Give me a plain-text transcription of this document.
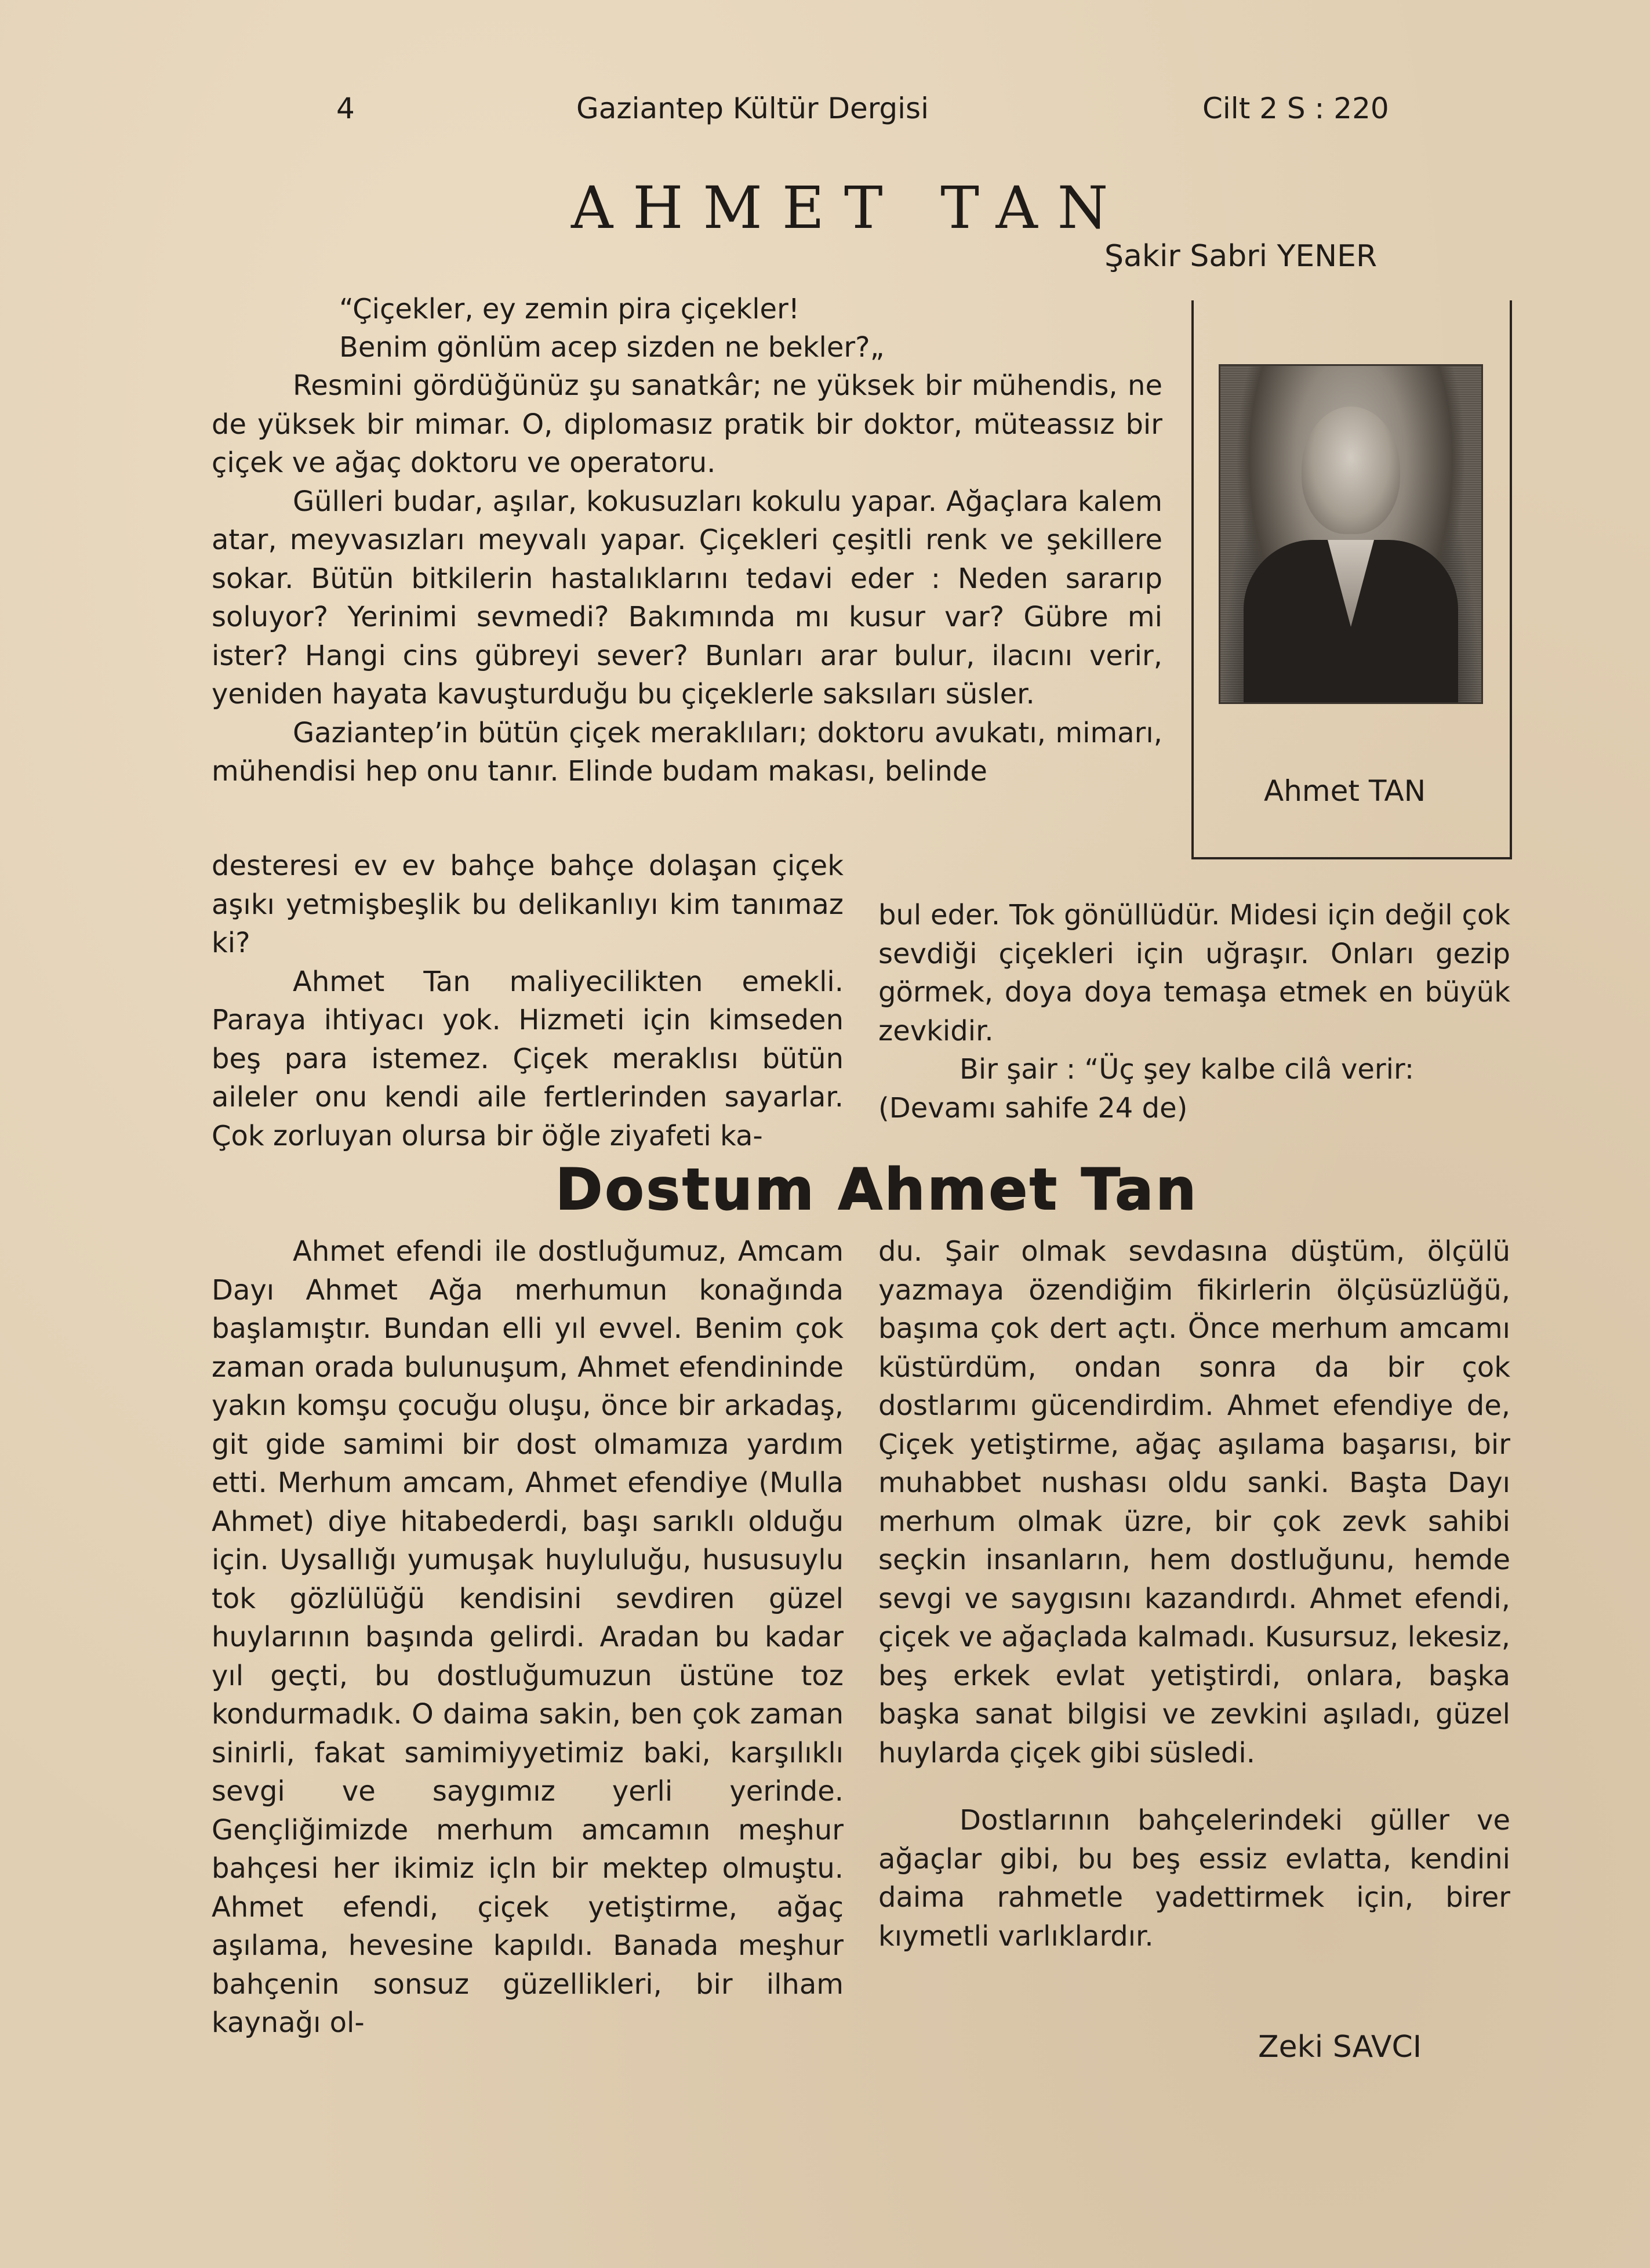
4	Gaziantep Kültür Dergisi	Cilt 2 S : 220
AHMET TAN
Şakir Sabri YENER

“Çiçekler, ey zemin pira çiçekler!

Benim gönlüm acep sizden ne bekler?„

Resmini gördüğünüz şu sanatkâr; ne yüksek bir mühendis, ne de yüksek bir mimar. O, diplomasız pratik bir doktor, müteassız bir çiçek ve ağaç doktoru ve operatoru.

Gülleri budar, aşılar, kokusuzları kokulu yapar. Ağaçlara kalem atar, meyvasızları meyvalı yapar. Çiçekleri çeşitli renk ve şekillere sokar. Bütün bitkilerin hastalıklarını tedavi eder : Neden sararıp soluyor? Yerinimi sevmedi? Bakımında mı kusur var? Gübre mi ister? Hangi cins gübreyi sever? Bunları arar bulur, ilacını verir, yeniden hayata kavuşturduğu bu çiçeklerle saksıları süsler.

Gaziantep’in bütün çiçek meraklıları; doktoru avukatı, mimarı, mühendisi hep onu tanır. Elinde budam makası, belinde

desteresi ev ev bahçe bahçe dolaşan çiçek aşıkı yetmişbeşlik bu delikanlıyı kim tanımaz ki?

Ahmet Tan maliyecilikten emekli. Paraya ihtiyacı yok. Hizmeti için kimseden beş para istemez. Çiçek meraklısı bütün aileler onu kendi aile fertlerinden sayarlar. Çok zorluyan olursa bir öğle ziyafeti ka-

bul eder. Tok gönüllüdür. Midesi için değil çok sevdiği çiçekleri için uğraşır. Onları gezip görmek, doya doya temaşa etmek en büyük zevkidir.

Bir şair : “Üç şey kalbe cilâ verir:

(Devamı sahife 24 de)

Ahmet TAN
Dostum Ahmet Tan

Ahmet efendi ile dostluğumuz, Amcam Dayı Ahmet Ağa merhumun konağında başlamıştır. Bundan elli yıl evvel. Benim çok zaman orada bulunuşum, Ahmet efendininde yakın komşu çocuğu oluşu, önce bir arkadaş, git gide samimi bir dost olmamıza yardım etti. Merhum amcam, Ahmet efendiye (Mulla Ahmet) diye hitabederdi, başı sarıklı olduğu için. Uysallığı yumuşak huyluluğu, hususuylu tok gözlülüğü kendisini sevdiren güzel huylarının başında gelirdi. Aradan bu kadar yıl geçti, bu dostluğumuzun üstüne toz kondurmadık. O daima sakin, ben çok zaman sinirli, fakat samimiyyetimiz baki, karşılıklı sevgi ve saygımız yerli yerinde. Gençliğimizde merhum amcamın meşhur bahçesi her ikimiz içln bir mektep olmuştu. Ahmet efendi, çiçek yetiştirme, ağaç aşılama, hevesine kapıldı. Banada meşhur bahçenin sonsuz güzellikleri, bir ilham kaynağı ol-

du. Şair olmak sevdasına düştüm, ölçülü yazmaya özendiğim fikirlerin ölçüsüzlüğü, başıma çok dert açtı. Önce merhum amcamı küstürdüm, ondan sonra da bir çok dostlarımı gücendirdim. Ahmet efendiye de, Çiçek yetiştirme, ağaç aşılama başarısı, bir muhabbet nushası oldu sanki. Başta Dayı merhum olmak üzre, bir çok zevk sahibi seçkin insanların, hem dostluğunu, hemde sevgi ve saygısını kazandırdı. Ahmet efendi, çiçek ve ağaçlada kalmadı. Kusursuz, lekesiz, beş erkek evlat yetiştirdi, onlara, başka başka sanat bilgisi ve zevkini aşıladı, güzel huylarda çiçek gibi süsledi.

Dostlarının bahçelerindeki güller ve ağaçlar gibi, bu beş essiz evlatta, kendini daima rahmetle yadettirmek için, birer kıymetli varlıklardır.

Zeki SAVCI
